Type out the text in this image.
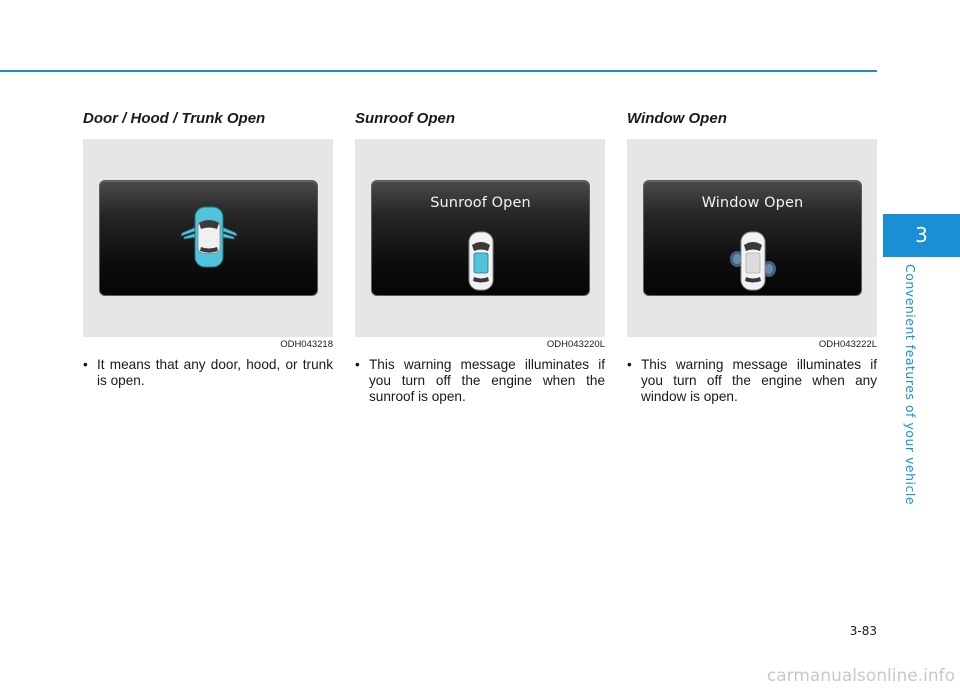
Door / Hood / Trunk Open
ODH043218
• It means that any door, hood, or trunk is open.
Sunroof Open
Sunroof Open
ODH043220L
• This warning message illuminates if you turn off the engine when the sunroof is open.
Window Open
Window Open
ODH043222L
• This warning message illuminates if you turn off the engine when any window is open.
3
Convenient features of your vehicle
3-83
carmanualsonline.info
